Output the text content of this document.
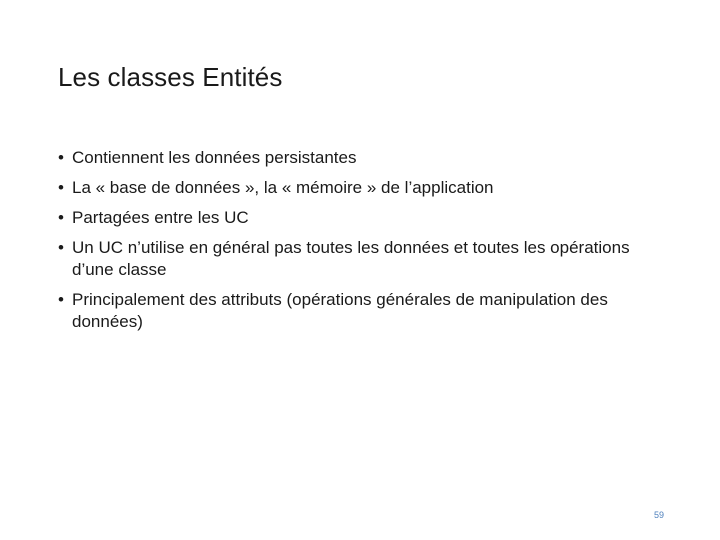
Les classes Entités
• Contiennent les données persistantes
• La « base de données », la « mémoire » de l’application
• Partagées entre les UC
• Un UC n’utilise en général pas toutes les données et toutes les opérations d’une classe
• Principalement des attributs (opérations générales de manipulation des données)
59
